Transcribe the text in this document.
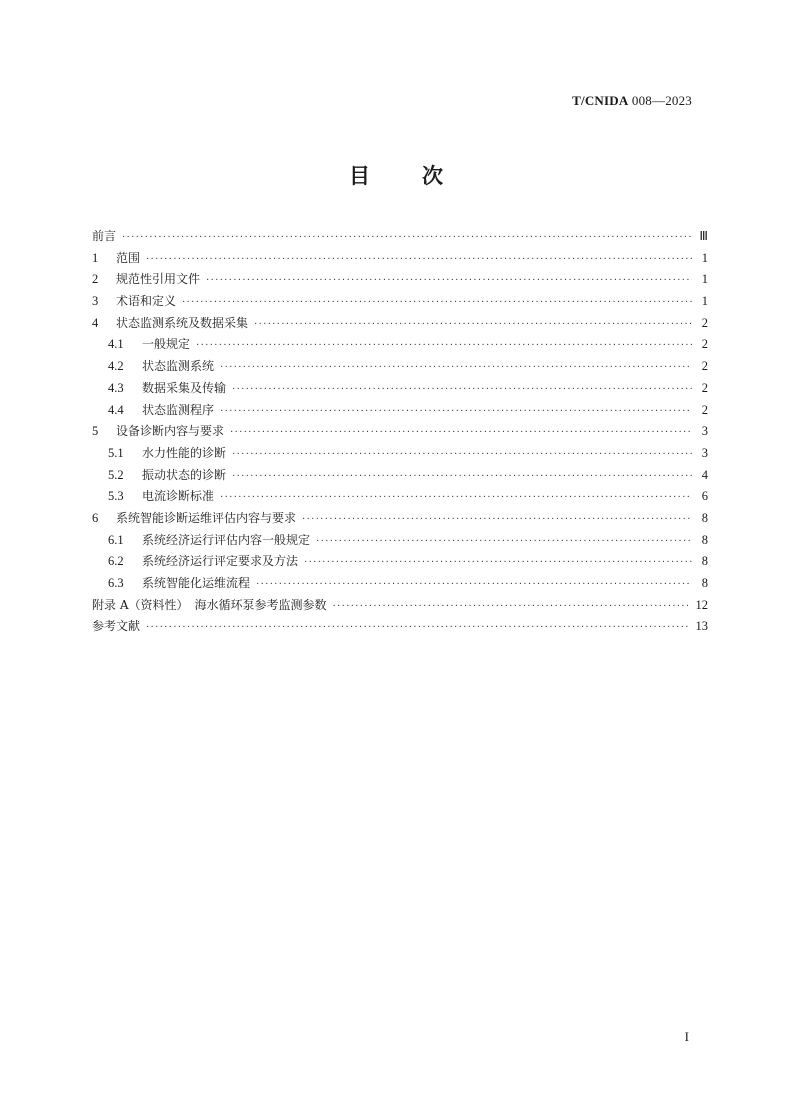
T/CNIDA 008—2023
目 次
前言 ·····	Ⅲ
1	范围 ·····	1
2	规范性引用文件 ·····	1
3	术语和定义 ·····	1
4	状态监测系统及数据采集 ·····	2
4.1	一般规定 ·····	2
4.2	状态监测系统 ·····	2
4.3	数据采集及传输 ·····	2
4.4	状态监测程序 ·····	2
5	设备诊断内容与要求 ·····	3
5.1	水力性能的诊断 ·····	3
5.2	振动状态的诊断 ·····	4
5.3	电流诊断标准 ·····	6
6	系统智能诊断运维评估内容与要求 ·····	8
6.1	系统经济运行评估内容一般规定 ·····	8
6.2	系统经济运行评定要求及方法 ·····	8
6.3	系统智能化运维流程 ·····	8
附录 A（资料性）　海水循环泵参考监测参数 ·····	12
参考文献 ·····	13
I
